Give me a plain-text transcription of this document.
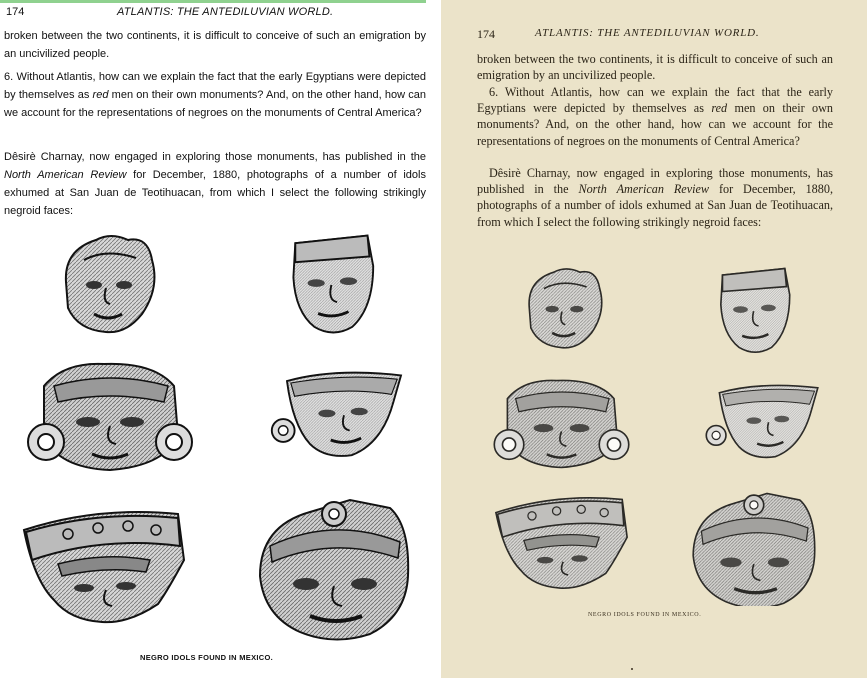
174	ATLANTIS: THE ANTEDILUVIAN WORLD.

broken between the two continents, it is difficult to conceive of such an emigration by an uncivilized people.

6. Without Atlantis, how can we explain the fact that the early Egyptians were depicted by themselves as red men on their own monuments? And, on the other hand, how can we account for the representations of negroes on the monuments of Central America?

Dêsirè Charnay, now engaged in exploring those monuments, has published in the North American Review for December, 1880, photographs of a number of idols exhumed at San Juan de Teotihuacan, from which I select the following strikingly negroid faces:

NEGRO IDOLS FOUND IN MEXICO.
174	ATLANTIS: THE ANTEDILUVIAN WORLD.

broken between the two continents, it is difficult to conceive of such an emigration by an uncivilized people.

6. Without Atlantis, how can we explain the fact that the early Egyptians were depicted by themselves as red men on their own monuments? And, on the other hand, how can we account for the representations of negroes on the monuments of Central America?

Dêsirè Charnay, now engaged in exploring those monuments, has published in the North American Review for December, 1880, photographs of a number of idols exhumed at San Juan de Teotihuacan, from which I select the following strikingly negroid faces:

NEGRO IDOLS FOUND IN MEXICO.
